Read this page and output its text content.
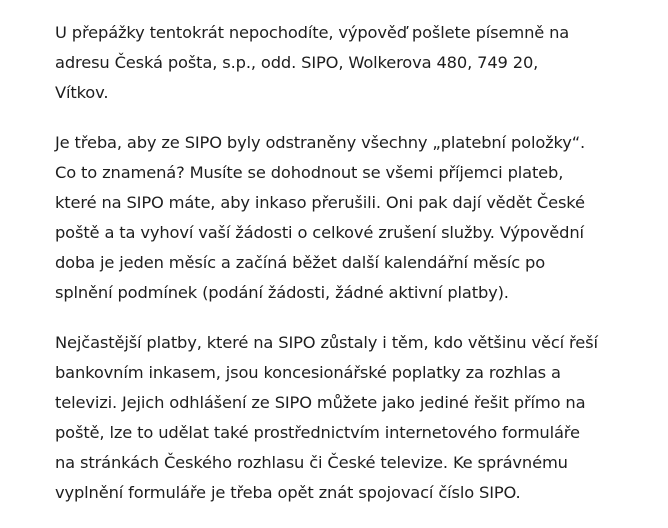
U přepážky tentokrát nepochodíte, výpověď pošlete písemně na
adresu Česká pošta, s.p., odd. SIPO, Wolkerova 480, 749 20,
Vítkov.

Je třeba, aby ze SIPO byly odstraněny všechny „platební položky“.
Co to znamená? Musíte se dohodnout se všemi příjemci plateb,
které na SIPO máte, aby inkaso přerušili. Oni pak dají vědět České
poště a ta vyhoví vaší žádosti o celkové zrušení služby. Výpovědní
doba je jeden měsíc a začíná běžet další kalendářní měsíc po
splnění podmínek (podání žádosti, žádné aktivní platby).

Nejčastější platby, které na SIPO zůstaly i těm, kdo většinu věcí řeší
bankovním inkasem, jsou koncesionářské poplatky za rozhlas a
televizi. Jejich odhlášení ze SIPO můžete jako jediné řešit přímo na
poště, lze to udělat také prostřednictvím internetového formuláře
na stránkách Českého rozhlasu či České televize. Ke správnému
vyplnění formuláře je třeba opět znát spojovací číslo SIPO.
